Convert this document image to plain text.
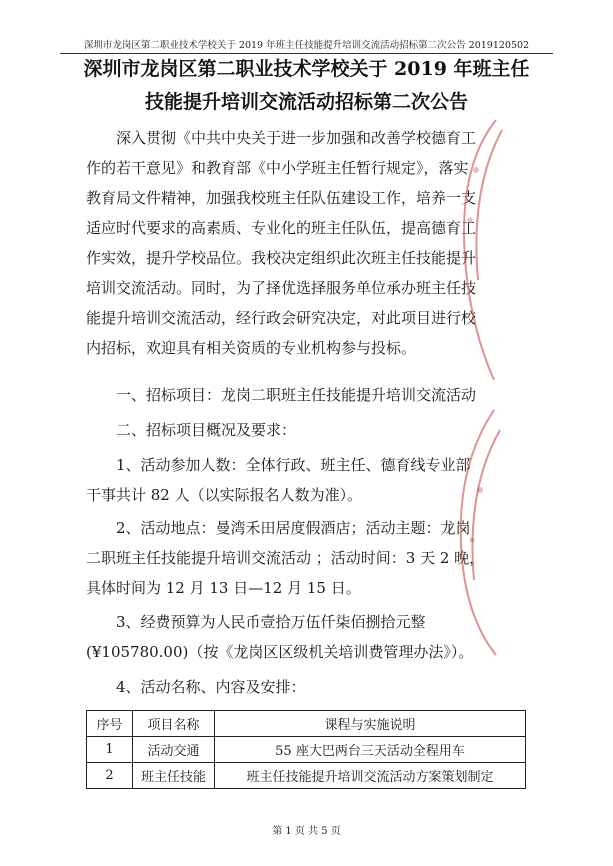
深圳市龙岗区第二职业技术学校关于 2019 年班主任技能提升培训交流活动招标第二次公告 2019120502
深圳市龙岗区第二职业技术学校关于 2019 年班主任
技能提升培训交流活动招标第二次公告
深入贯彻《中共中央关于进一步加强和改善学校德育工
作的若干意见》和教育部《中小学班主任暂行规定》，落实
教育局文件精神，加强我校班主任队伍建设工作，培养一支
适应时代要求的高素质、专业化的班主任队伍，提高德育工
作实效，提升学校品位。我校决定组织此次班主任技能提升
培训交流活动。同时，为了择优选择服务单位承办班主任技
能提升培训交流活动，经行政会研究决定，对此项目进行校
内招标，欢迎具有相关资质的专业机构参与投标。
一、招标项目：龙岗二职班主任技能提升培训交流活动
二、招标项目概况及要求：
1、活动参加人数：全体行政、班主任、德育线专业部
干事共计 82 人（以实际报名人数为准）。
2、活动地点：曼湾禾田居度假酒店；活动主题：龙岗
二职班主任技能提升培训交流活动 ；活动时间：3 天 2 晚，
具体时间为 12 月 13 日—12 月 15 日。
3、经费预算为人民币壹拾万伍仟柒佰捌拾元整
(¥105780.00)（按《龙岗区区级机关培训费管理办法》）。
4、活动名称、内容及安排：
序号	项目名称	课程与实施说明
1	活动交通	55 座大巴两台三天活动全程用车
2	班主任技能	班主任技能提升培训交流活动方案策划制定
第 1 页 共 5 页
